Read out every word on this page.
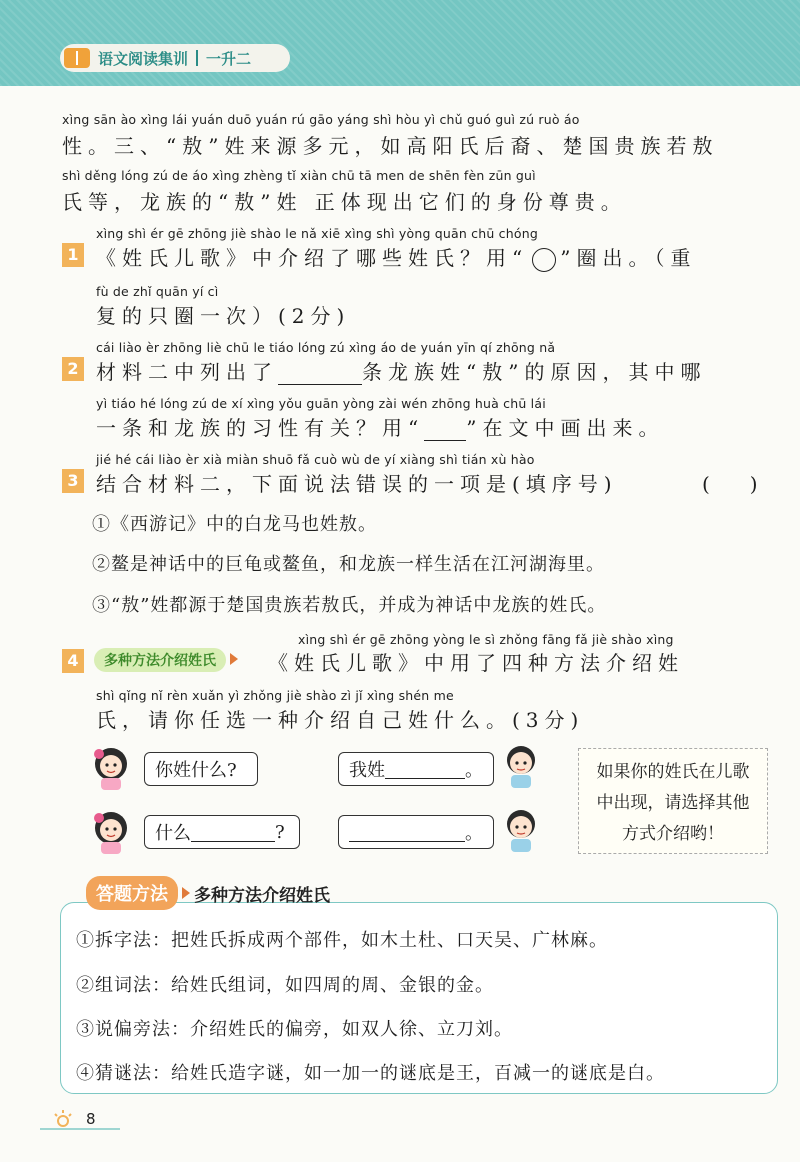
语文阅读集训 一升二
xìng sān ào xìng lái yuán duō yuán rú gāo yáng shì hòu yì chǔ guó guì zú ruò áo
性。三、“敖”姓来源多元，如高阳氏后裔、楚国贵族若敖
shì děng lóng zú de áo xìng zhèng tǐ xiàn chū tā men de shēn fèn zūn guì
氏等，龙族的“敖”姓 正体现出它们的身份尊贵。
xìng shì ér gē zhōng jiè shào le nǎ xiē xìng shì yòng quān chū chóng
1 《姓氏儿歌》中介绍了哪些姓氏？用“ ○ ”圈出。（重
fù de zhǐ quān yí cì
复的只圈一次）(2分)
cái liào èr zhōng liè chū le tiáo lóng zú xìng áo de yuán yīn qí zhōng nǎ
2 材料二中列出了	条龙族姓“敖”的原因，其中哪
yì tiáo hé lóng zú de xí xìng yǒu guān yòng zài wén zhōng huà chū lái
一条和龙族的习性有关？用“ ”在文中画出来。
jié hé cái liào èr xià miàn shuō fǎ cuò wù de yí xiàng shì tián xù hào
3 结合材料二，下面说法错误的一项是(填序号)	(　　)
①《西游记》中的白龙马也姓敖。
②鳌是神话中的巨龟或鳌鱼，和龙族一样生活在江河湖海里。
③“敖”姓都源于楚国贵族若敖氏，并成为神话中龙族的姓氏。
xìng shì ér gē zhōng yòng le sì zhǒng fāng fǎ jiè shào xìng
4	多种方法介绍姓氏	《姓氏儿歌》中用了四种方法介绍姓
shì qǐng nǐ rèn xuǎn yì zhǒng jiè shào zì jǐ xìng shén me
氏，请你任选一种介绍自己姓什么。(3分)
你姓什么?	我姓	。
什么	?	。
如果你的姓氏在儿歌中出现，请选择其他方式介绍哟！
答题方法	多种方法介绍姓氏
①拆字法：把姓氏拆成两个部件，如木土杜、口天吴、广林麻。
②组词法：给姓氏组词，如四周的周、金银的金。
③说偏旁法：介绍姓氏的偏旁，如双人徐、立刀刘。
④猜谜法：给姓氏造字谜，如一加一的谜底是王，百减一的谜底是白。
8
